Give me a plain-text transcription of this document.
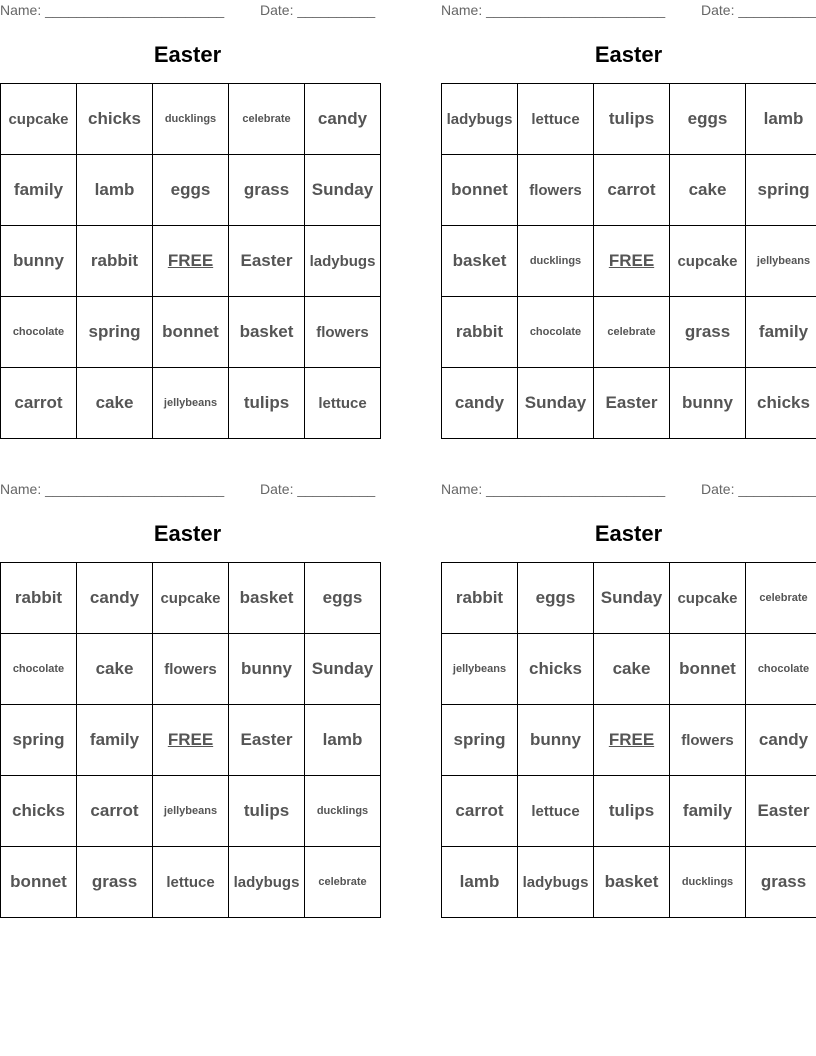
Name: _______________________	Date: __________
Easter
cupcake	chicks	ducklings	celebrate	candy
family	lamb	eggs	grass	Sunday
bunny	rabbit	FREE	Easter	ladybugs
chocolate	spring	bonnet	basket	flowers
carrot	cake	jellybeans	tulips	lettuce
Name: _______________________	Date: __________
Easter
ladybugs	lettuce	tulips	eggs	lamb
bonnet	flowers	carrot	cake	spring
basket	ducklings	FREE	cupcake	jellybeans
rabbit	chocolate	celebrate	grass	family
candy	Sunday	Easter	bunny	chicks
Name: _______________________	Date: __________
Easter
rabbit	candy	cupcake	basket	eggs
chocolate	cake	flowers	bunny	Sunday
spring	family	FREE	Easter	lamb
chicks	carrot	jellybeans	tulips	ducklings
bonnet	grass	lettuce	ladybugs	celebrate
Name: _______________________	Date: __________
Easter
rabbit	eggs	Sunday	cupcake	celebrate
jellybeans	chicks	cake	bonnet	chocolate
spring	bunny	FREE	flowers	candy
carrot	lettuce	tulips	family	Easter
lamb	ladybugs	basket	ducklings	grass
